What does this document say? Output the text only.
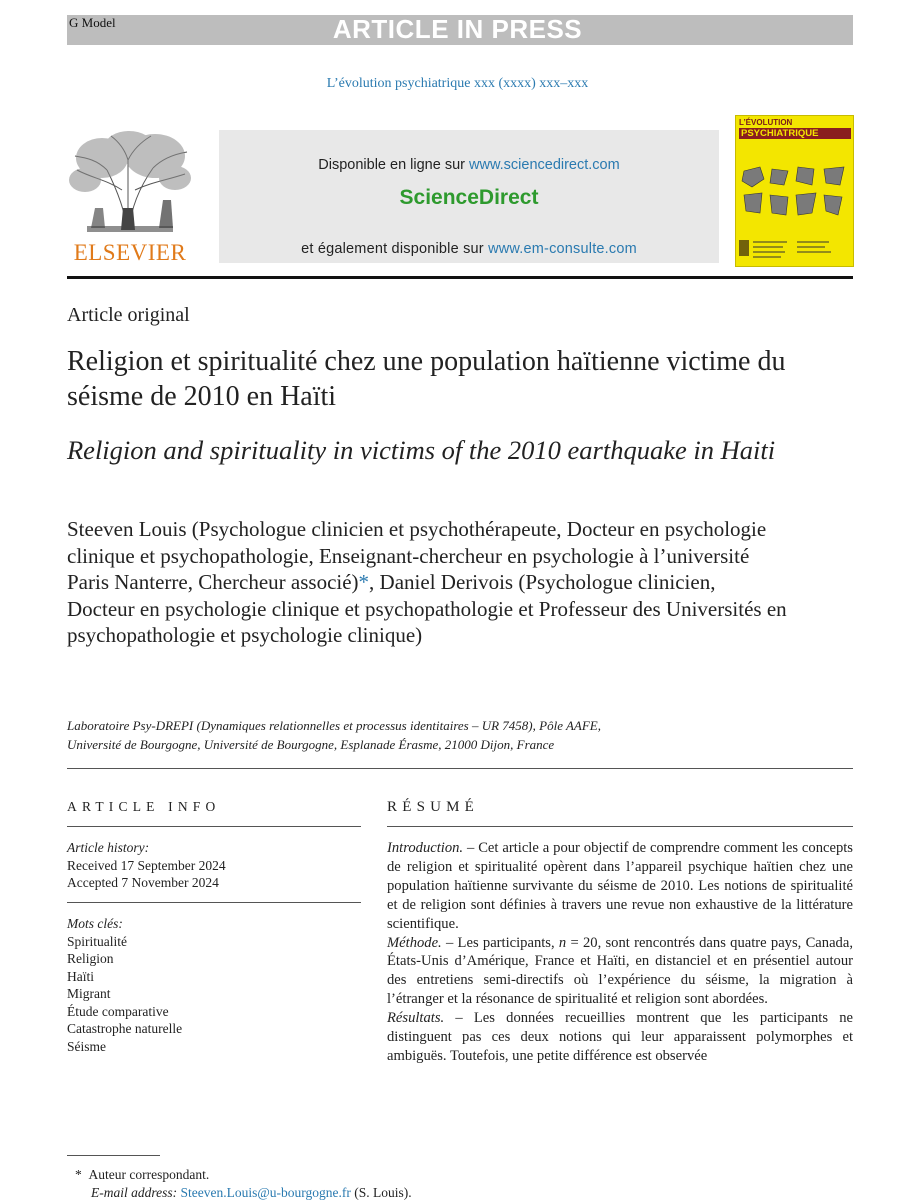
G Model	ARTICLE IN PRESS
L’évolution psychiatrique xxx (xxxx) xxx–xxx
ELSEVIER
Disponible en ligne sur www.sciencedirect.com
ScienceDirect
et également disponible sur www.em-consulte.com
L’ÉVOLUTION
PSYCHIATRIQUE
Article original
Religion et spiritualité chez une population haïtienne victime du séisme de 2010 en Haïti
Religion and spirituality in victims of the 2010 earthquake in Haiti
Steeven Louis (Psychologue clinicien et psychothérapeute, Docteur en psychologie clinique et psychopathologie, Enseignant-chercheur en psychologie à l’université Paris Nanterre, Chercheur associé)*, Daniel Derivois (Psychologue clinicien, Docteur en psychologie clinique et psychopathologie et Professeur des Universités en psychopathologie et psychologie clinique)
Laboratoire Psy-DREPI (Dynamiques relationnelles et processus identitaires – UR 7458), Pôle AAFE,
Université de Bourgogne, Université de Bourgogne, Esplanade Érasme, 21000 Dijon, France
ARTICLE INFO
Article history:
Received 17 September 2024
Accepted 7 November 2024
Mots clés:
Spiritualité
Religion
Haïti
Migrant
Étude comparative
Catastrophe naturelle
Séisme
RÉSUMÉ
Introduction. – Cet article a pour objectif de comprendre comment les concepts de religion et spiritualité opèrent dans l’appareil psychique haïtien chez une population haïtienne survivante du séisme de 2010. Les notions de spiritualité et de religion sont définies à travers une revue non exhaustive de la littérature scientifique.
Méthode. – Les participants, n = 20, sont rencontrés dans quatre pays, Canada, États-Unis d’Amérique, France et Haïti, en distanciel et en présentiel autour des entretiens semi-directifs où l’expérience du séisme, la migration à l’étranger et la résonance de spiritualité et religion sont abordées.
Résultats. – Les données recueillies montrent que les participants ne distinguent pas ces deux notions qui leur apparaissent polymorphes et ambiguës. Toutefois, une petite différence est observée
* Auteur correspondant.
E-mail address: Steeven.Louis@u-bourgogne.fr (S. Louis).
